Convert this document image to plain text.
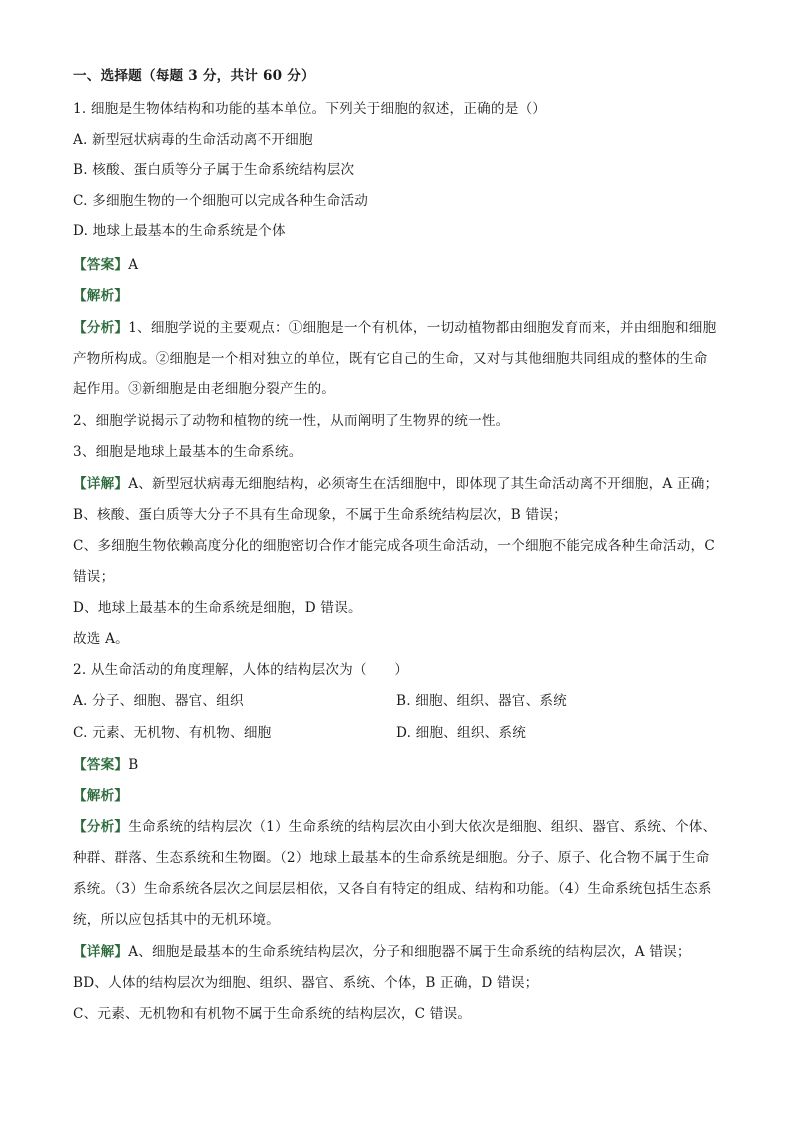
一、选择题（每题 3 分，共计 60 分）
1. 细胞是生物体结构和功能的基本单位。下列关于细胞的叙述，正确的是（）
A. 新型冠状病毒的生命活动离不开细胞
B. 核酸、蛋白质等分子属于生命系统结构层次
C. 多细胞生物的一个细胞可以完成各种生命活动
D. 地球上最基本的生命系统是个体
【答案】A
【解析】
【分析】1、细胞学说的主要观点：①细胞是一个有机体，一切动植物都由细胞发育而来，并由细胞和细胞
产物所构成。②细胞是一个相对独立的单位，既有它自己的生命，又对与其他细胞共同组成的整体的生命
起作用。③新细胞是由老细胞分裂产生的。
2、细胞学说揭示了动物和植物的统一性，从而阐明了生物界的统一性。
3、细胞是地球上最基本的生命系统。
【详解】A、新型冠状病毒无细胞结构，必须寄生在活细胞中，即体现了其生命活动离不开细胞，A 正确；
B、核酸、蛋白质等大分子不具有生命现象，不属于生命系统结构层次，B 错误；
C、多细胞生物依赖高度分化的细胞密切合作才能完成各项生命活动，一个细胞不能完成各种生命活动，C
错误；
D、地球上最基本的生命系统是细胞，D 错误。
故选 A。
2. 从生命活动的角度理解，人体的结构层次为（　　）
A. 分子、细胞、器官、组织	B. 细胞、组织、器官、系统
C. 元素、无机物、有机物、细胞	D. 细胞、组织、系统
【答案】B
【解析】
【分析】生命系统的结构层次（1）生命系统的结构层次由小到大依次是细胞、组织、器官、系统、个体、
种群、群落、生态系统和生物圈。（2）地球上最基本的生命系统是细胞。分子、原子、化合物不属于生命
系统。（3）生命系统各层次之间层层相依，又各自有特定的组成、结构和功能。（4）生命系统包括生态系
统，所以应包括其中的无机环境。
【详解】A、细胞是最基本的生命系统结构层次，分子和细胞器不属于生命系统的结构层次，A 错误；
BD、人体的结构层次为细胞、组织、器官、系统、个体，B 正确，D 错误；
C、元素、无机物和有机物不属于生命系统的结构层次，C 错误。
